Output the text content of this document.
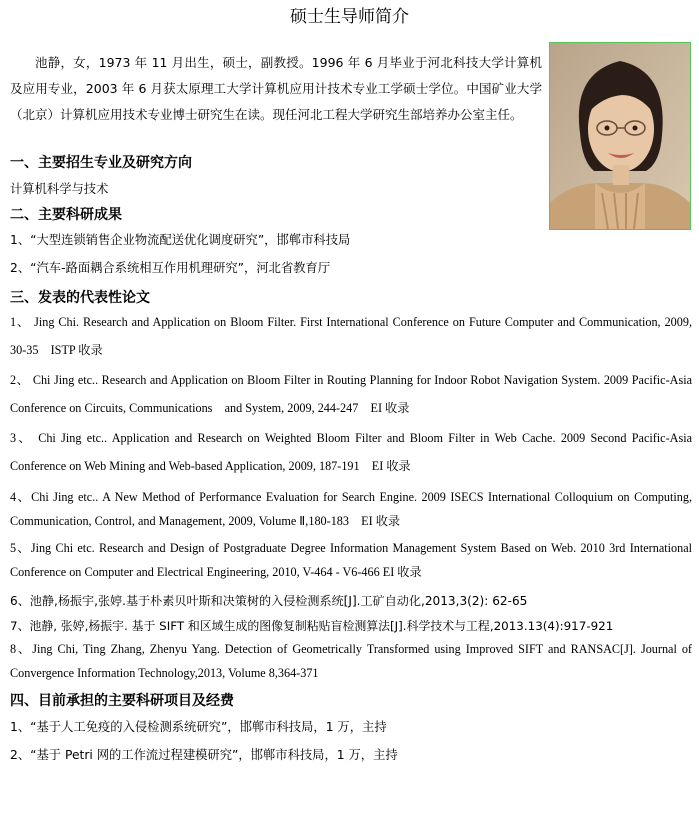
硕士生导师简介
池静，女，1973 年 11 月出生，硕士，副教授。1996 年 6 月毕业于河北科技大学计算机及应用专业，2003 年 6 月获太原理工大学计算机应用计技术专业工学硕士学位。中国矿业大学（北京）计算机应用技术专业博士研究生在读。现任河北工程大学研究生部培养办公室主任。
一、主要招生专业及研究方向
计算机科学与技术
二、主要科研成果
1、“大型连锁销售企业物流配送优化调度研究”，邯郸市科技局
2、“汽车-路面耦合系统相互作用机理研究”，河北省教育厅
三、发表的代表性论文
1、 Jing Chi. Research and Application on Bloom Filter. First International Conference on Future Computer and Communication, 2009, 30-35　ISTP 收录
2、 Chi Jing etc.. Research and Application on Bloom Filter in Routing Planning for Indoor Robot Navigation System. 2009 Pacific-Asia Conference on Circuits, Communications　and System, 2009, 244-247　EI 收录
3、 Chi Jing etc.. Application and Research on Weighted Bloom Filter and Bloom Filter in Web Cache. 2009 Second Pacific-Asia Conference on Web Mining and Web-based Application, 2009, 187-191　EI 收录
4、Chi Jing etc.. A New Method of Performance Evaluation for Search Engine. 2009 ISECS International Colloquium on Computing, Communication, Control, and Management, 2009, Volume Ⅱ,180-183　EI 收录
5、Jing Chi etc. Research and Design of Postgraduate Degree Information Management System Based on Web. 2010 3rd International Conference on Computer and Electrical Engineering, 2010, V-464 - V6-466 EI 收录
6、池静,杨振宇,张婷.基于朴素贝叶斯和决策树的入侵检测系统[J].工矿自动化,2013,3(2): 62-65
7、池静, 张婷,杨振宇. 基于 SIFT 和区域生成的图像复制粘贴盲检测算法[J].科学技术与工程,2013.13(4):917-921
8、Jing Chi, Ting Zhang, Zhenyu Yang. Detection of Geometrically Transformed using Improved SIFT and RANSAC[J]. Journal of Convergence Information Technology,2013, Volume 8,364-371
四、目前承担的主要科研项目及经费
1、“基于人工免疫的入侵检测系统研究”，邯郸市科技局，1 万，主持
2、“基于 Petri 网的工作流过程建模研究”，邯郸市科技局，1 万，主持
